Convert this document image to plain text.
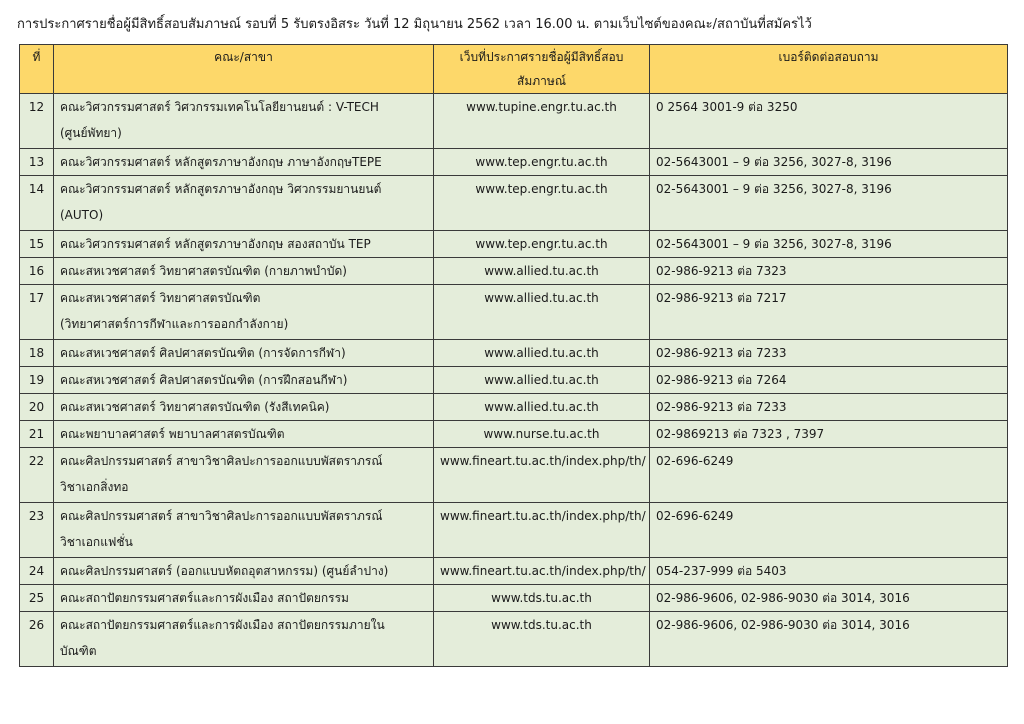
การประกาศรายชื่อผู้มีสิทธิ์สอบสัมภาษณ์ รอบที่ 5 รับตรงอิสระ วันที่ 12 มิถุนายน 2562 เวลา 16.00 น. ตามเว็บไซต์ของคณะ/สถาบันที่สมัครไว้
ที่	คณะ/สาขา	เว็บที่ประกาศรายชื่อผู้มีสิทธิ์สอบสัมภาษณ์	เบอร์ติดต่อสอบถาม
12	คณะวิศวกรรมศาสตร์ วิศวกรรมเทคโนโลยียานยนต์ : V-TECH
(ศูนย์พัทยา)	www.tupine.engr.tu.ac.th	0 2564 3001-9 ต่อ 3250
13	คณะวิศวกรรมศาสตร์ หลักสูตรภาษาอังกฤษ ภาษาอังกฤษTEPE	www.tep.engr.tu.ac.th	02-5643001 – 9 ต่อ 3256, 3027-8, 3196
14	คณะวิศวกรรมศาสตร์ หลักสูตรภาษาอังกฤษ วิศวกรรมยานยนต์
(AUTO)	www.tep.engr.tu.ac.th	02-5643001 – 9 ต่อ 3256, 3027-8, 3196
15	คณะวิศวกรรมศาสตร์ หลักสูตรภาษาอังกฤษ สองสถาบัน TEP	www.tep.engr.tu.ac.th	02-5643001 – 9 ต่อ 3256, 3027-8, 3196
16	คณะสหเวชศาสตร์ วิทยาศาสตรบัณฑิต (กายภาพบำบัด)	www.allied.tu.ac.th	02-986-9213 ต่อ 7323
17	คณะสหเวชศาสตร์ วิทยาศาสตรบัณฑิต
(วิทยาศาสตร์การกีฬาและการออกกำลังกาย)	www.allied.tu.ac.th	02-986-9213 ต่อ 7217
18	คณะสหเวชศาสตร์ ศิลปศาสตรบัณฑิต (การจัดการกีฬา)	www.allied.tu.ac.th	02-986-9213 ต่อ 7233
19	คณะสหเวชศาสตร์ ศิลปศาสตรบัณฑิต (การฝึกสอนกีฬา)	www.allied.tu.ac.th	02-986-9213 ต่อ 7264
20	คณะสหเวชศาสตร์ วิทยาศาสตรบัณฑิต (รังสีเทคนิค)	www.allied.tu.ac.th	02-986-9213 ต่อ 7233
21	คณะพยาบาลศาสตร์ พยาบาลศาสตรบัณฑิต	www.nurse.tu.ac.th	02-9869213 ต่อ 7323 , 7397
22	คณะศิลปกรรมศาสตร์ สาขาวิชาศิลปะการออกแบบพัสตราภรณ์
วิชาเอกสิ่งทอ	www.fineart.tu.ac.th/index.php/th/	02-696-6249
23	คณะศิลปกรรมศาสตร์ สาขาวิชาศิลปะการออกแบบพัสตราภรณ์
วิชาเอกแฟชั่น	www.fineart.tu.ac.th/index.php/th/	02-696-6249
24	คณะศิลปกรรมศาสตร์ (ออกแบบหัตถอุตสาหกรรม) (ศูนย์ลำปาง)	www.fineart.tu.ac.th/index.php/th/	054-237-999 ต่อ 5403
25	คณะสถาปัตยกรรมศาสตร์และการผังเมือง สถาปัตยกรรม	www.tds.tu.ac.th	02-986-9606, 02-986-9030 ต่อ 3014, 3016
26	คณะสถาปัตยกรรมศาสตร์และการผังเมือง สถาปัตยกรรมภายใน
บัณฑิต	www.tds.tu.ac.th	02-986-9606, 02-986-9030 ต่อ 3014, 3016
